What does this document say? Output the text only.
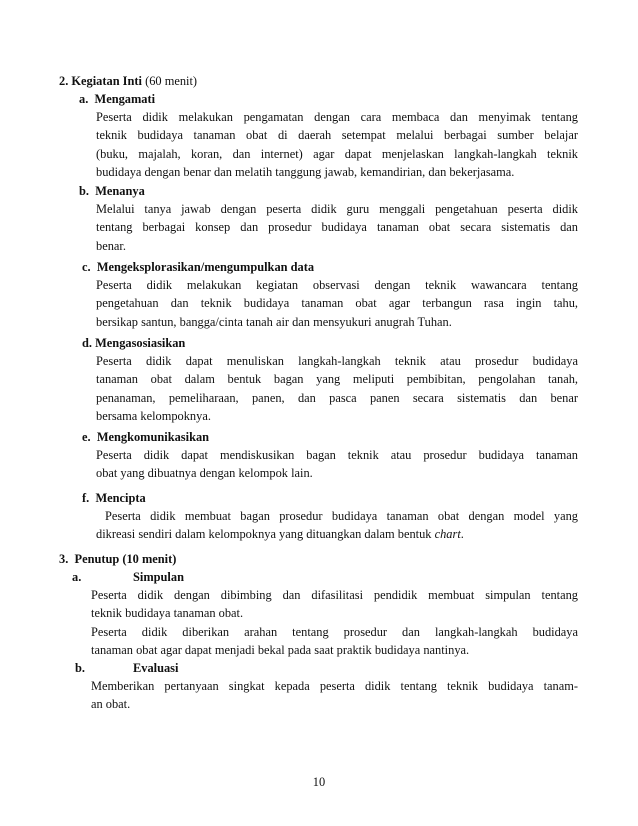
2. Kegiatan Inti (60 menit)
a. Mengamati
Peserta didik melakukan pengamatan dengan cara membaca dan menyimak tentang
teknik budidaya tanaman obat di daerah setempat melalui berbagai sumber belajar
(buku, majalah, koran, dan internet) agar dapat menjelaskan langkah-langkah teknik
budidaya dengan benar dan melatih tanggung jawab, kemandirian, dan bekerjasama.
b. Menanya
Melalui tanya jawab dengan peserta didik guru menggali pengetahuan peserta didik
tentang berbagai konsep dan prosedur budidaya tanaman obat secara sistematis dan
benar.
c. Mengeksplorasikan/mengumpulkan data
Peserta didik melakukan kegiatan observasi dengan teknik wawancara tentang
pengetahuan dan teknik budidaya tanaman obat agar terbangun rasa ingin tahu,
bersikap santun, bangga/cinta tanah air dan mensyukuri anugrah Tuhan.
d. Mengasosiasikan
Peserta didik dapat menuliskan langkah-langkah teknik atau prosedur budidaya
tanaman obat dalam bentuk bagan yang meliputi pembibitan, pengolahan tanah,
penanaman, pemeliharaan, panen, dan pasca panen secara sistematis dan benar
bersama kelompoknya.
e. Mengkomunikasikan
Peserta didik dapat mendiskusikan bagan teknik atau prosedur budidaya tanaman
obat yang dibuatnya dengan kelompok lain.
f. Mencipta
Peserta didik membuat bagan prosedur budidaya tanaman obat dengan model yang
dikreasi sendiri dalam kelompoknya yang dituangkan dalam bentuk chart.
3. Penutup (10 menit)
a.	Simpulan
Peserta didik dengan dibimbing dan difasilitasi pendidik membuat simpulan tentang
teknik budidaya tanaman obat.
Peserta didik diberikan arahan tentang prosedur dan langkah-langkah budidaya
tanaman obat agar dapat menjadi bekal pada saat praktik budidaya nantinya.
b.	Evaluasi
Memberikan pertanyaan singkat kepada peserta didik tentang teknik budidaya tanam-
an obat.
10
